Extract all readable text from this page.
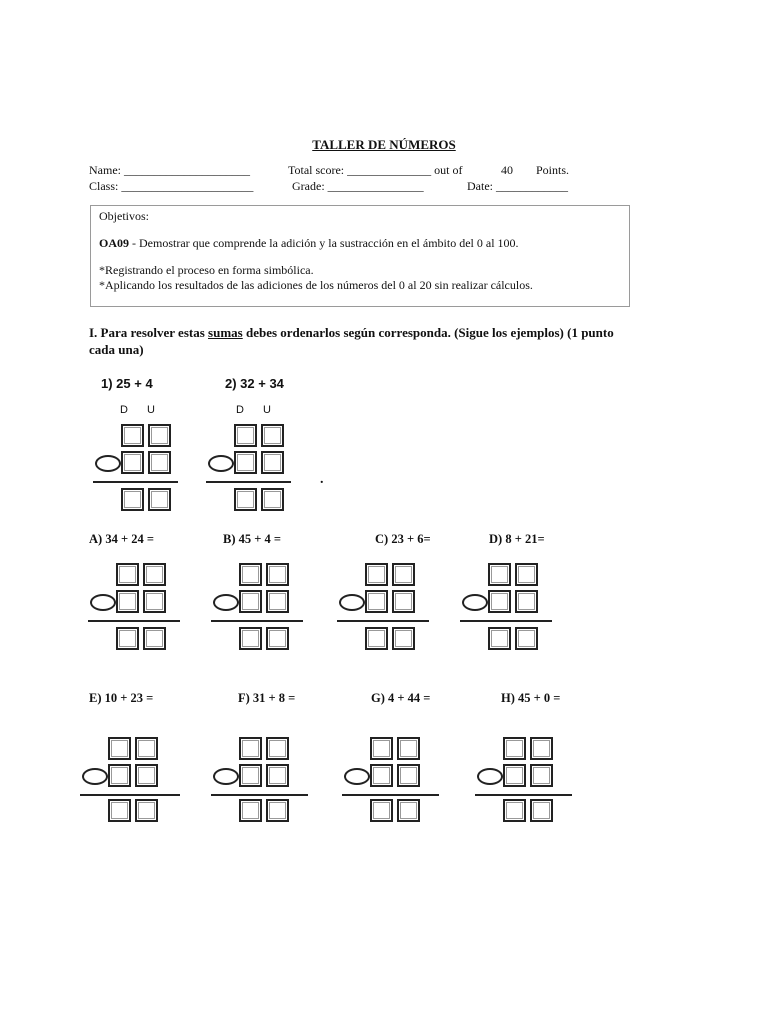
TALLER DE NÚMEROS
Name: _____________________	Total score: ______________ out of	40 Points.
Class: ______________________	Grade: ________________	Date: ____________
Objetivos:
OA09 - Demostrar que comprende la adición y la sustracción en el ámbito del 0 al 100.
*Registrando el proceso en forma simbólica.
*Aplicando los resultados de las adiciones de los números del 0 al 20 sin realizar cálculos.
I. Para resolver estas sumas debes ordenarlos según corresponda. (Sigue los ejemplos) (1 punto
cada una)
1) 25 + 4	2) 32 + 34
D U	D U
.
A) 34 + 24 =	B) 45 + 4 =	C) 23 + 6=	D) 8 + 21=
E) 10 + 23 =	F) 31 + 8 =	G) 4 + 44 =	H) 45 + 0 =
